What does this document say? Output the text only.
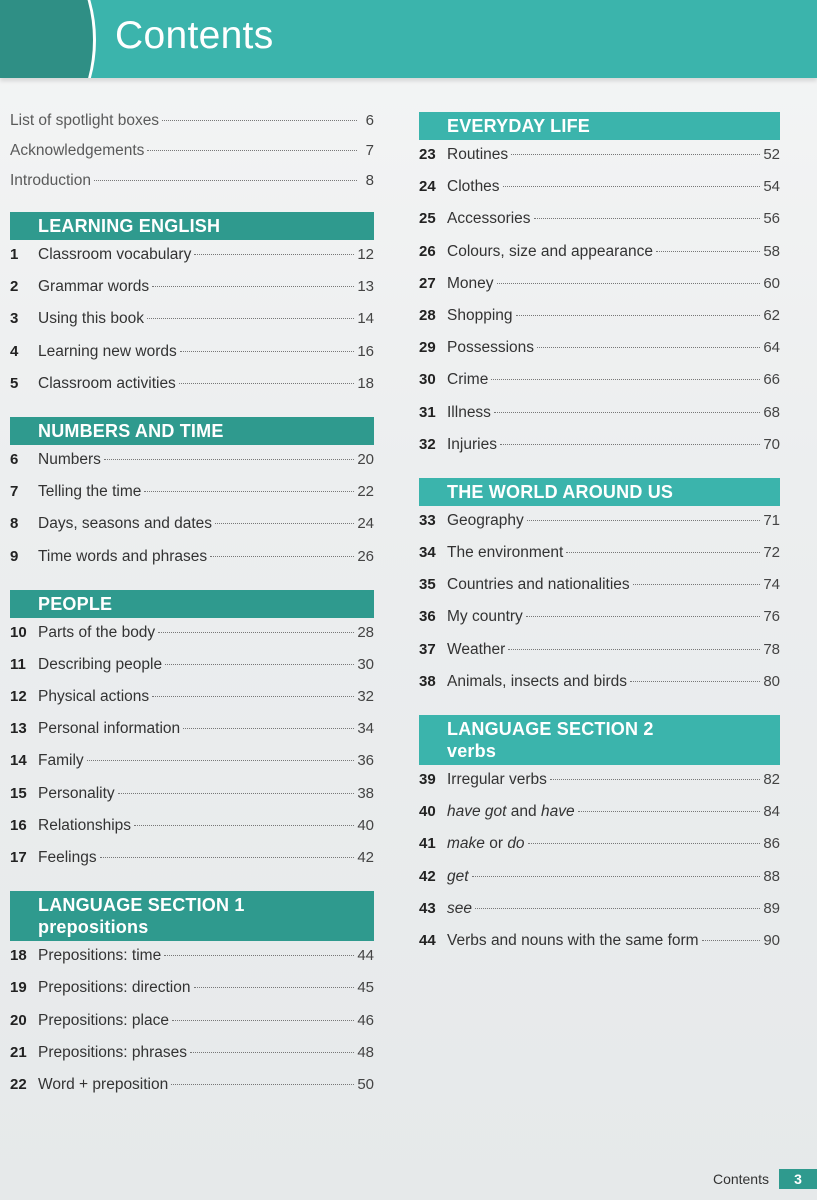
Contents
List of spotlight boxes	6
Acknowledgements	7
Introduction	8
LEARNING ENGLISH
1	Classroom vocabulary	12
2	Grammar words	13
3	Using this book	14
4	Learning new words	16
5	Classroom activities	18
NUMBERS AND TIME
6	Numbers	20
7	Telling the time	22
8	Days, seasons and dates	24
9	Time words and phrases	26
PEOPLE
10 Parts of the body	28
11 Describing people	30
12 Physical actions	32
13 Personal information	34
14 Family	36
15 Personality	38
16 Relationships	40
17 Feelings	42
LANGUAGE SECTION 1
prepositions
18 Prepositions: time	44
19 Prepositions: direction	45
20 Prepositions: place	46
21 Prepositions: phrases	48
22 Word + preposition	50
EVERYDAY LIFE
23 Routines	52
24 Clothes	54
25 Accessories	56
26 Colours, size and appearance	58
27 Money	60
28 Shopping	62
29 Possessions	64
30 Crime	66
31 Illness	68
32 Injuries	70
THE WORLD AROUND US
33 Geography	71
34 The environment	72
35 Countries and nationalities	74
36 My country	76
37 Weather	78
38 Animals, insects and birds	80
LANGUAGE SECTION 2
verbs
39 Irregular verbs	82
40 have got and have	84
41 make or do	86
42 get	88
43 see	89
44 Verbs and nouns with the same form	90
Contents	3
